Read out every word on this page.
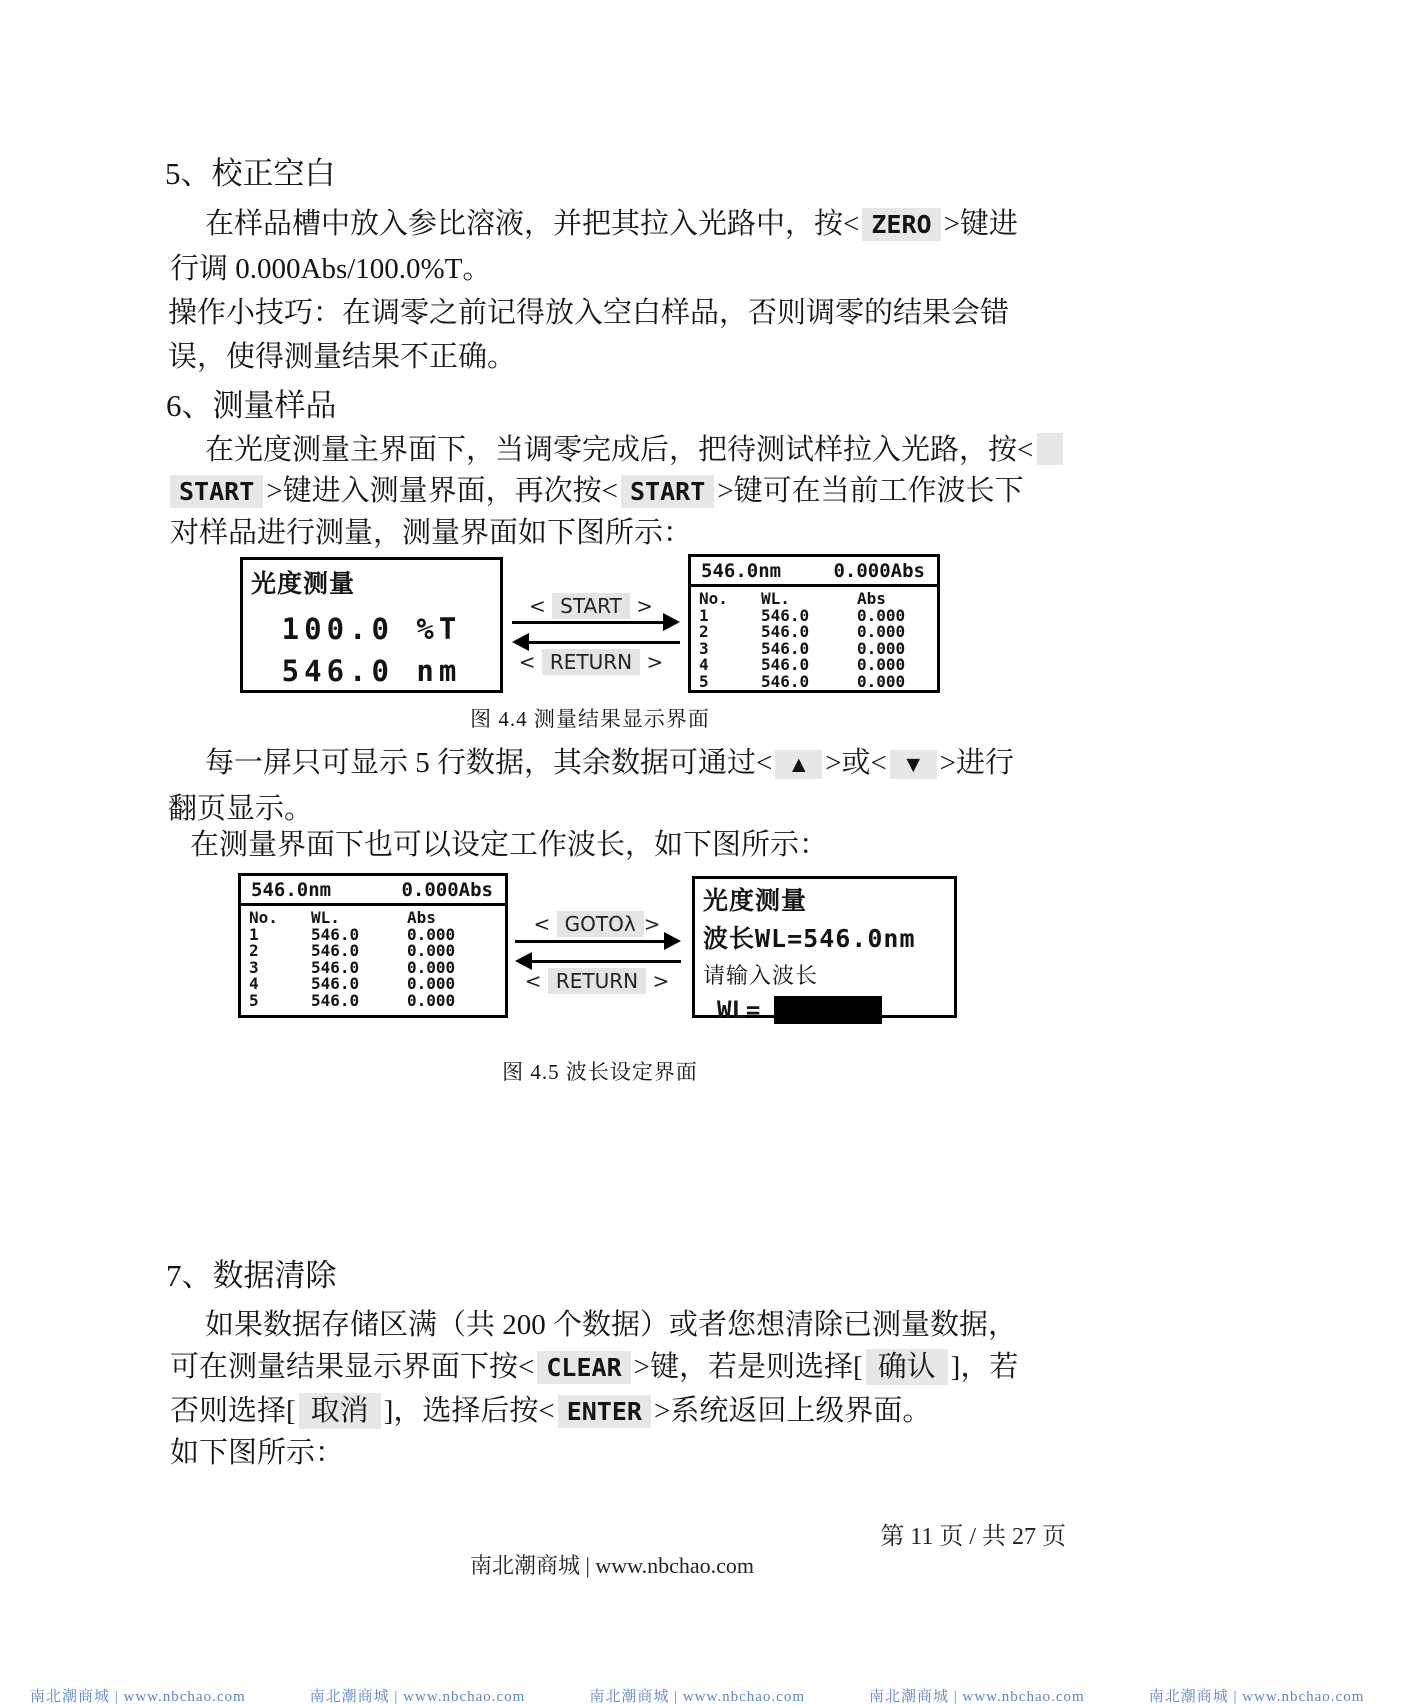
5、校正空白
在样品槽中放入参比溶液，并把其拉入光路中，按< ZERO >键进
行调 0.000Abs/100.0%T。
操作小技巧：在调零之前记得放入空白样品，否则调零的结果会错
误，使得测量结果不正确。
6、测量样品
在光度测量主界面下，当调零完成后，把待测试样拉入光路，按<
START >键进入测量界面，再次按< START >键可在当前工作波长下
对样品进行测量，测量界面如下图所示：
光度测量
100.0 %T
546.0 nm
< START >
< RETURN >
546.0nm	0.000Abs
No.	WL.	Abs
1	546.0	0.000
2	546.0	0.000
3	546.0	0.000
4	546.0	0.000
5	546.0	0.000
图 4.4 测量结果显示界面
每一屏只可显示 5 行数据，其余数据可通过< ▲ >或< ▼ >进行
翻页显示。
在测量界面下也可以设定工作波长，如下图所示：
546.0nm	0.000Abs
No.	WL.	Abs
1	546.0	0.000
2	546.0	0.000
3	546.0	0.000
4	546.0	0.000
5	546.0	0.000
< GOTOλ >
< RETURN >
光度测量
波长WL=546.0nm
请输入波长
WL= _
图 4.5 波长设定界面
7、数据清除
如果数据存储区满（共 200 个数据）或者您想清除已测量数据，
可在测量结果显示界面下按< CLEAR >键，若是则选择[ 确认 ]，若
否则选择[ 取消 ]，选择后按< ENTER >系统返回上级界面。
如下图所示：
第 11 页 / 共 27 页
南北潮商城 | www.nbchao.com
南北潮商城 | www.nbchao.com	南北潮商城 | www.nbchao.com	南北潮商城 | www.nbchao.com	南北潮商城 | www.nbchao.com	南北潮商城 | www.nbchao.com
